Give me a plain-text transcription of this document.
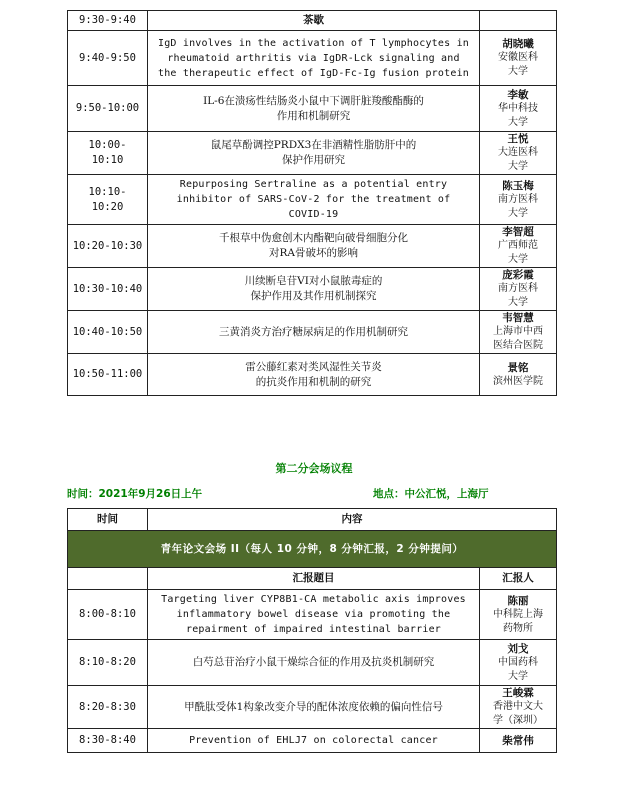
9:30-9:40	茶歇	
9:40-9:50	IgD involves in the activation of T lymphocytes in
rheumatoid arthritis via IgDR-Lck signaling and
the therapeutic effect of IgD-Fc-Ig fusion protein	胡晓曦
安徽医科
大学

9:50-10:00	IL-6在溃疡性结肠炎小鼠中下调肝脏羧酸酯酶的
作用和机制研究	李敏
华中科技
大学

10:00-
10:10	鼠尾草酚调控PRDX3在非酒精性脂肪肝中的
保护作用研究	王悦
大连医科
大学

10:10-
10:20	Repurposing Sertraline as a potential entry
inhibitor of SARS-CoV-2 for the treatment of
COVID-19	陈玉梅
南方医科
大学

10:20-10:30	千根草中伪愈创木内酯靶向破骨细胞分化
对RA骨破坏的影响	李智超
广西师范
大学

10:30-10:40	川续断皂苷VI对小鼠脓毒症的
保护作用及其作用机制探究	庞彩霞
南方医科
大学

10:40-10:50	三黄消炎方治疗糖尿病足的作用机制研究	韦智慧
上海市中西
医结合医院

10:50-11:00	雷公藤红素对类风湿性关节炎
的抗炎作用和机制的研究	景铭
滨州医学院
第二分会场议程
时间：2021年9月26日上午	地点：中公汇悦，上海厅
时间	内容	
青年论文会场 II（每人 10 分钟，8 分钟汇报，2 分钟提问）		
	汇报题目	汇报人
8:00-8:10	Targeting liver CYP8B1-CA metabolic axis improves
inflammatory bowel disease via promoting the
repairment of impaired intestinal barrier	陈丽
中科院上海
药物所

8:10-8:20	白芍总苷治疗小鼠干燥综合征的作用及抗炎机制研究	刘戈
中国药科
大学

8:20-8:30	甲酰肽受体1构象改变介导的配体浓度依赖的偏向性信号	王峻霖
香港中文大
学（深圳）

8:30-8:40	Prevention of EHLJ7 on colorectal cancer	柴常伟
